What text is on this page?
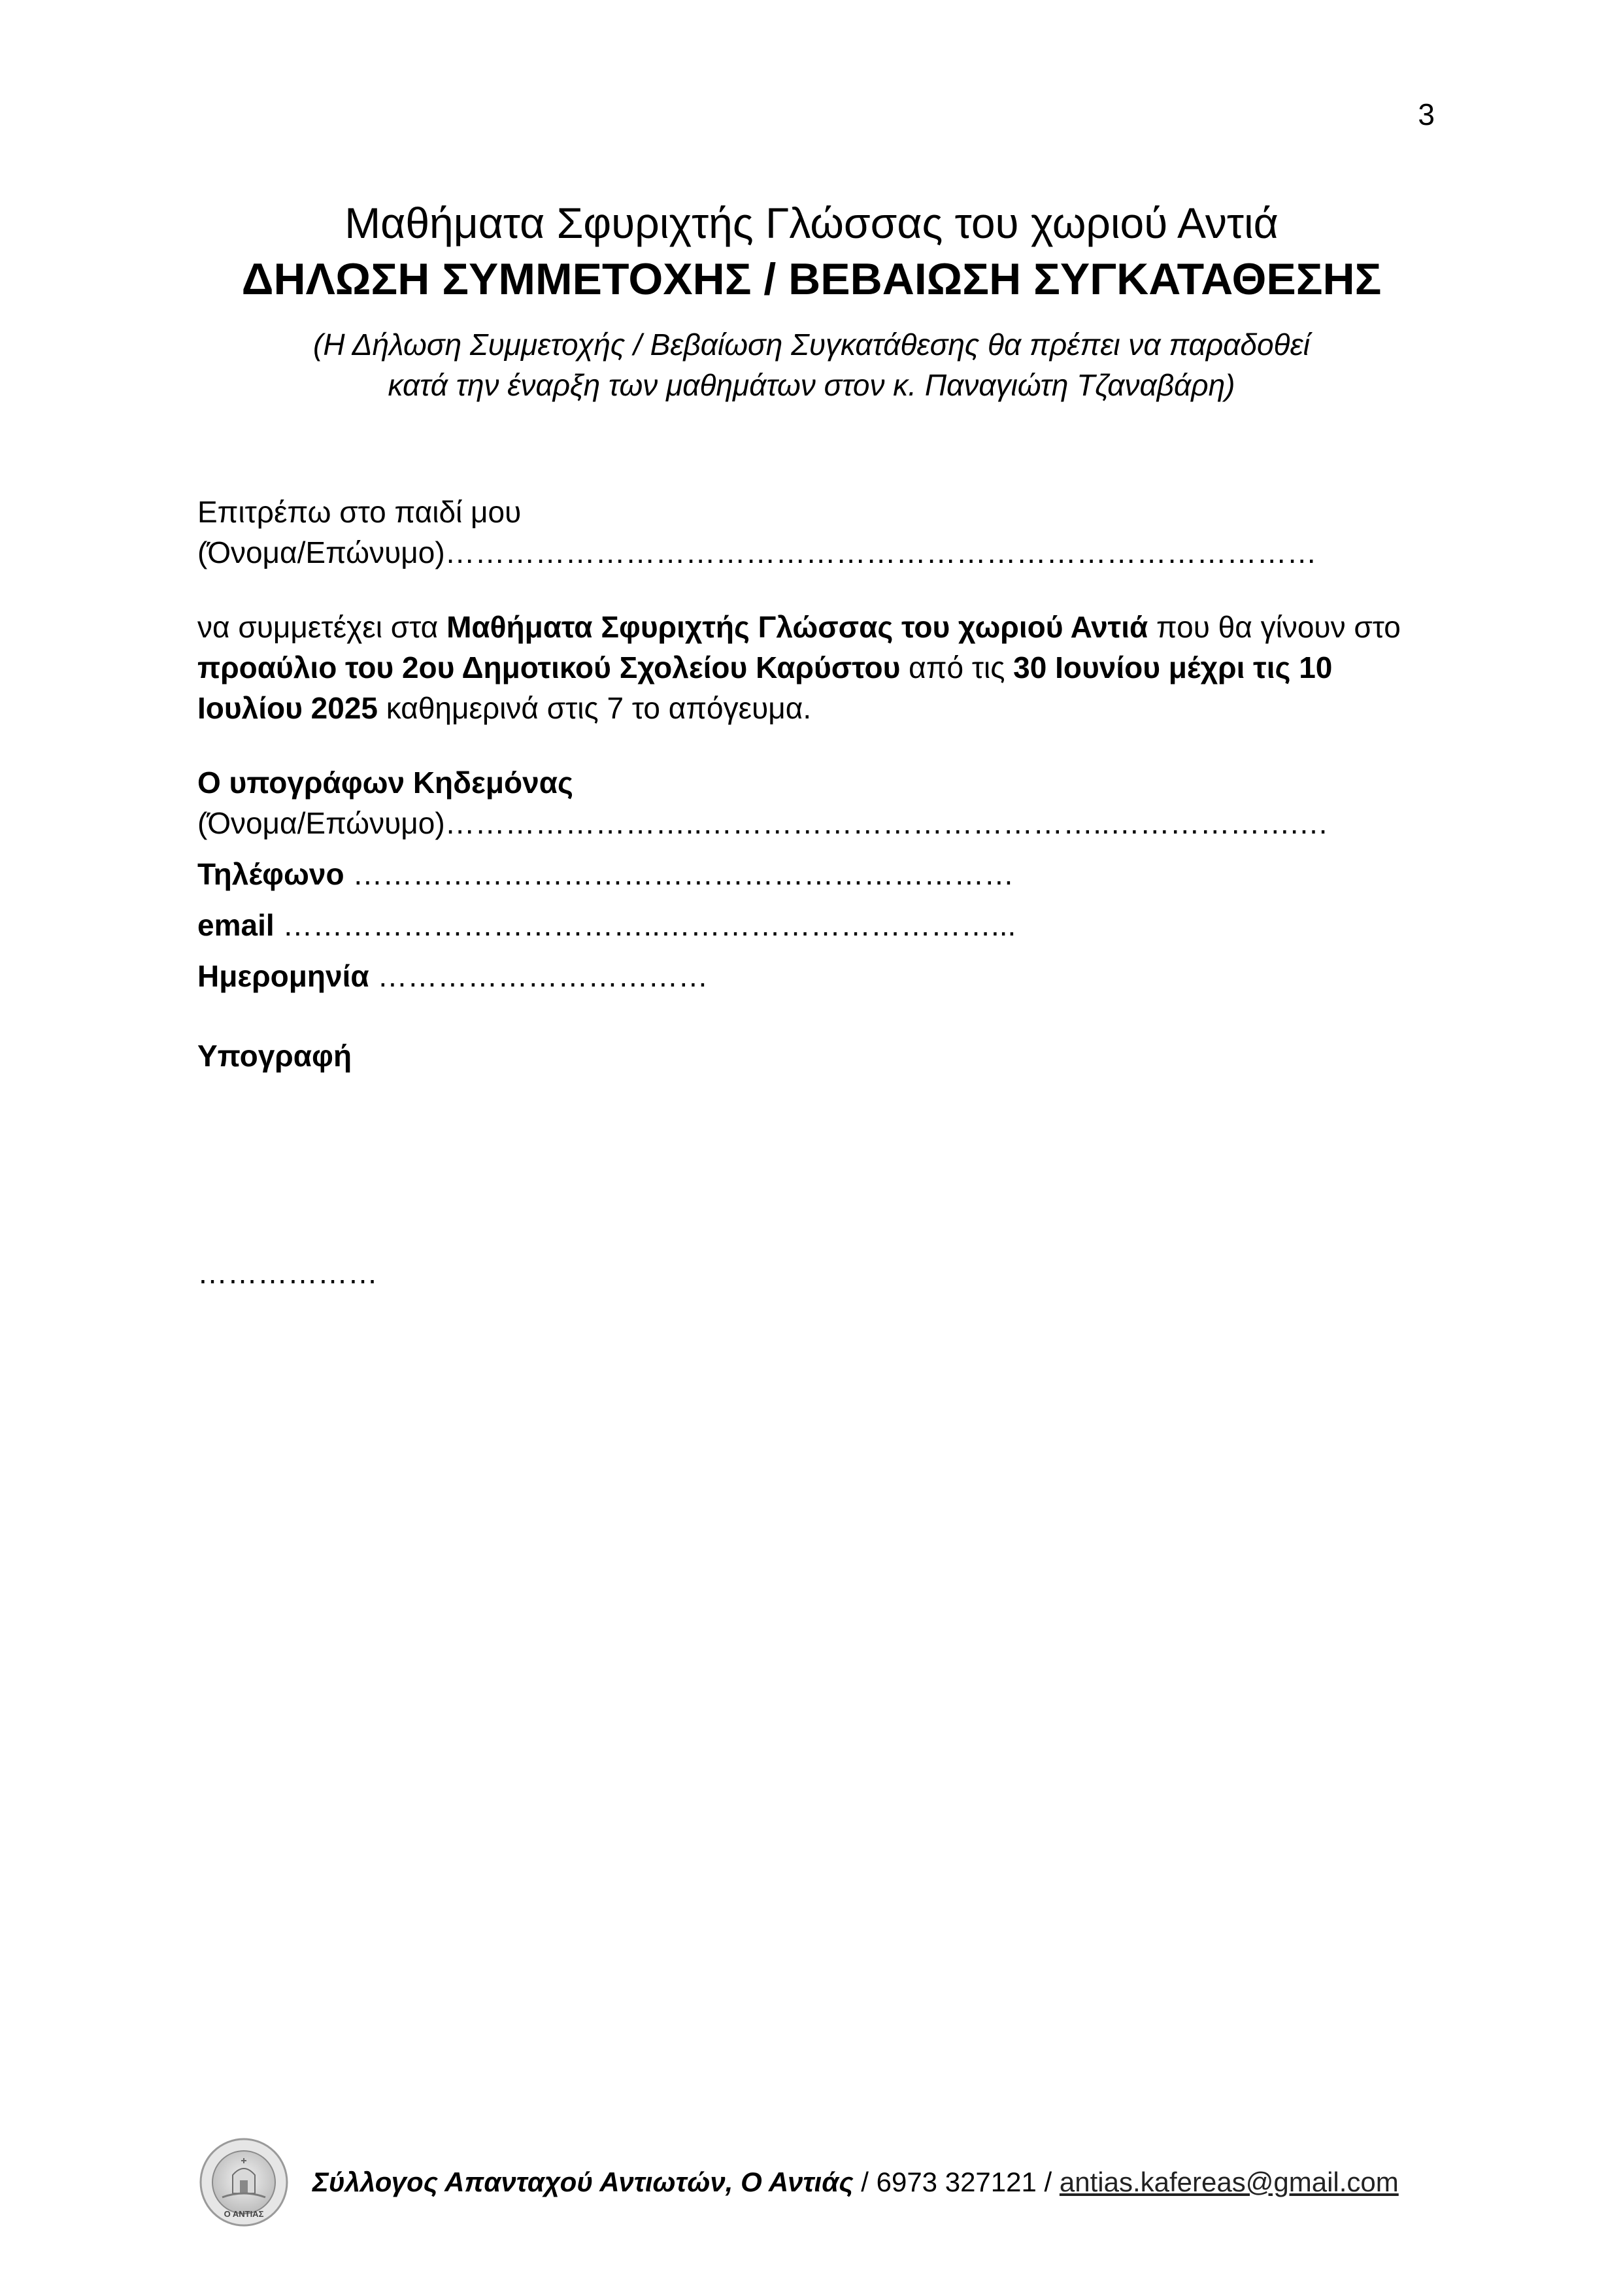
3
Μαθήματα Σφυριχτής Γλώσσας του χωριού Αντιά
ΔΗΛΩΣΗ ΣΥΜΜΕΤΟΧΗΣ / ΒΕΒΑΙΩΣΗ ΣΥΓΚΑΤΑΘΕΣΗΣ
(Η Δήλωση Συμμετοχής / Βεβαίωση Συγκατάθεσης θα πρέπει να παραδοθεί
κατά την έναρξη των μαθημάτων στον κ. Παναγιώτη Τζαναβάρη)

Επιτρέπω στο παιδί μου

(Όνομα/Επώνυμο)……………………………………………………………………………

να συμμετέχει στα Μαθήματα Σφυριχτής Γλώσσας του χωριού Αντιά που θα γίνουν στο προαύλιο του 2ου Δημοτικού Σχολείου Καρύστου από τις 30 Ιουνίου μέχρι τις 10 Ιουλίου 2025 καθημερινά στις 7 το απόγευμα.

Ο υπογράφων Κηδεμόνας

(Όνομα/Επώνυμο)……………………..…………………………………..……………….…

Τηλέφωνο …………………………………………………………

email ………………………………..……………………………...

Ημερομηνία ……………………………

Υπογραφή

………………
Ο ΑΝΤΙΑΣ
Σύλλογος Απανταχού Αντιωτών, Ο Αντιάς / 6973 327121 / antias.kafereas@gmail.com
